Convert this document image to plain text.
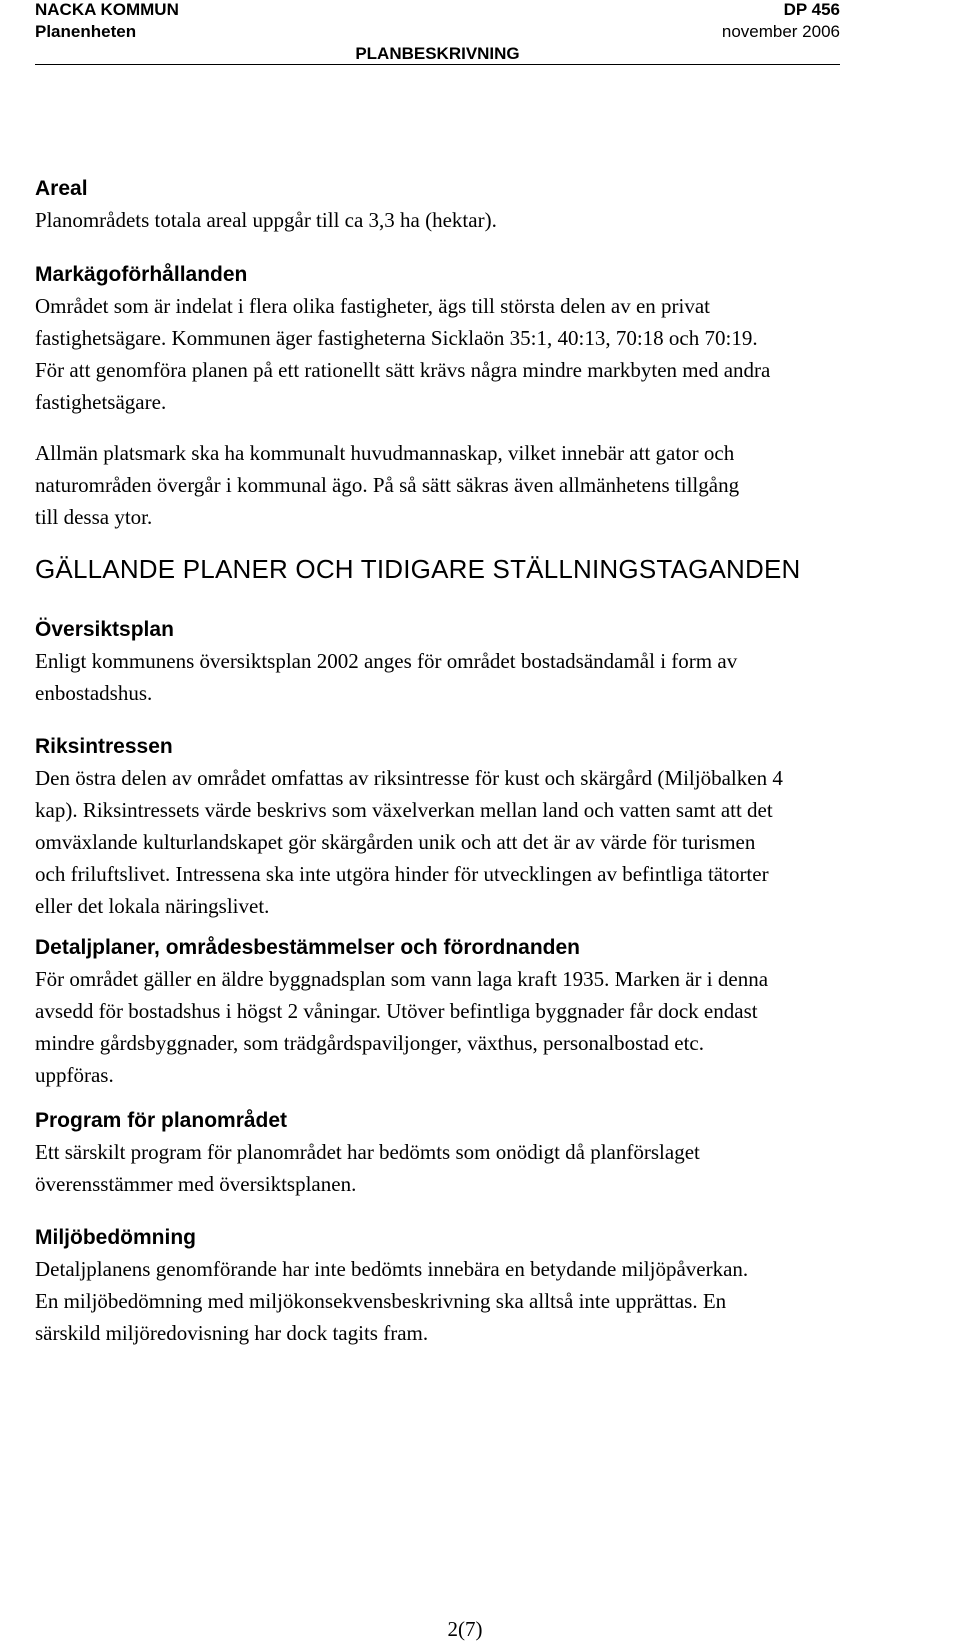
NACKA KOMMUN	DP 456
Planenheten	november 2006
PLANBESKRIVNING
Areal
Planområdets totala areal uppgår till ca 3,3 ha (hektar).
Markägoförhållanden
Området som är indelat i flera olika fastigheter, ägs till största delen av en privat
fastighetsägare. Kommunen äger fastigheterna Sicklaön 35:1, 40:13, 70:18 och 70:19.
För att genomföra planen på ett rationellt sätt krävs några mindre markbyten med andra
fastighetsägare.
Allmän platsmark ska ha kommunalt huvudmannaskap, vilket innebär att gator och
naturområden övergår i kommunal ägo. På så sätt säkras även allmänhetens tillgång
till dessa ytor.
GÄLLANDE PLANER OCH TIDIGARE STÄLLNINGSTAGANDEN
Översiktsplan
Enligt kommunens översiktsplan 2002 anges för området bostadsändamål i form av
enbostadshus.
Riksintressen
Den östra delen av området omfattas av riksintresse för kust och skärgård (Miljöbalken 4
kap). Riksintressets värde beskrivs som växelverkan mellan land och vatten samt att det
omväxlande kulturlandskapet gör skärgården unik och att det är av värde för turismen
och friluftslivet. Intressena ska inte utgöra hinder för utvecklingen av befintliga tätorter
eller det lokala näringslivet.
Detaljplaner, områdesbestämmelser och förordnanden
För området gäller en äldre byggnadsplan som vann laga kraft 1935. Marken är i denna
avsedd för bostadshus i högst 2 våningar. Utöver befintliga byggnader får dock endast
mindre gårdsbyggnader, som trädgårdspaviljonger, växthus, personalbostad etc.
uppföras.
Program för planområdet
Ett särskilt program för planområdet har bedömts som onödigt då planförslaget
överensstämmer med översiktsplanen.
Miljöbedömning
Detaljplanens genomförande har inte bedömts innebära en betydande miljöpåverkan.
En miljöbedömning med miljökonsekvensbeskrivning ska alltså inte upprättas. En
särskild miljöredovisning har dock tagits fram.
2(7)
